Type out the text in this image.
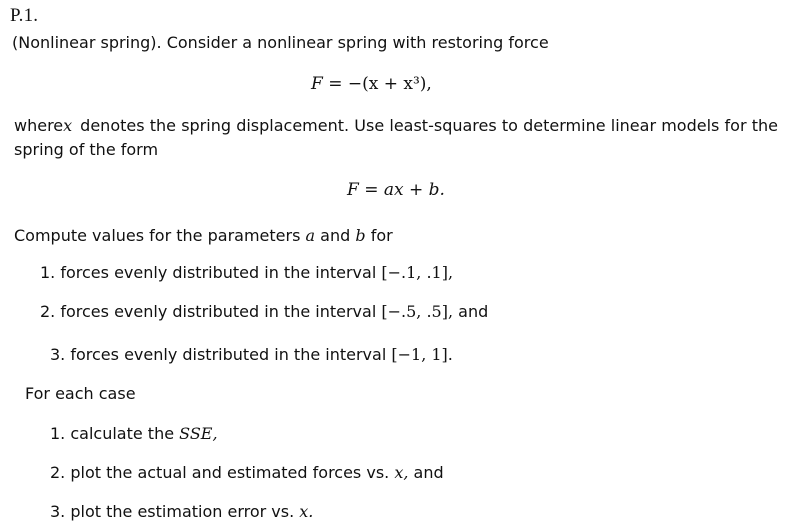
P.1.
(Nonlinear spring). Consider a nonlinear spring with restoring force
F = −(x + x³),
where x denotes the spring displacement. Use least-squares to determine linear models for the
spring of the form
F = ax + b.
Compute values for the parameters a and b for
1. forces evenly distributed in the interval [−.1, .1],
2. forces evenly distributed in the interval [−.5, .5], and
3. forces evenly distributed in the interval [−1, 1].
For each case
1. calculate the SSE,
2. plot the actual and estimated forces vs. x, and
3. plot the estimation error vs. x.
